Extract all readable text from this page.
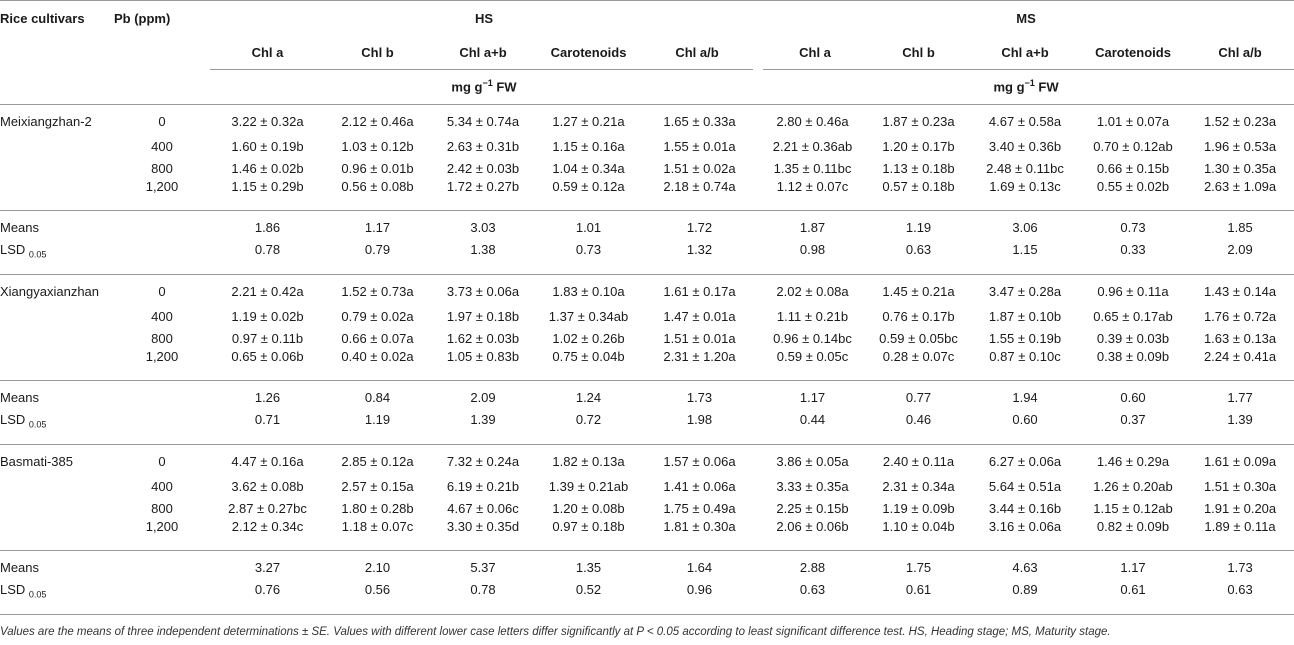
Rice cultivars	Pb (ppm)	HS					MS				
		Chl a	Chl b	Chl a+b	Carotenoids	Chl a/b	Chl a	Chl b	Chl a+b	Carotenoids	Chl a/b
		mg $g^{-1}$ FW					mg $g^{-1}$ FW				
Meixiangzhan-2	0	3.22 ± 0.32a	2.12 ± 0.46a	5.34 ± 0.74a	1.27 ± 0.21a	1.65 ± 0.33a	2.80 ± 0.46a	1.87 ± 0.23a	4.67 ± 0.58a	1.01 ± 0.07a	1.52 ± 0.23a
	400	1.60 ± 0.19b	1.03 ± 0.12b	2.63 ± 0.31b	1.15 ± 0.16a	1.55 ± 0.01a	2.21 ± 0.36ab	1.20 ± 0.17b	3.40 ± 0.36b	0.70 ± 0.12ab	1.96 ± 0.53a
	800	1.46 ± 0.02b	0.96 ± 0.01b	2.42 ± 0.03b	1.04 ± 0.34a	1.51 ± 0.02a	1.35 ± 0.11bc	1.13 ± 0.18b	2.48 ± 0.11bc	0.66 ± 0.15b	1.30 ± 0.35a
	1,200	1.15 ± 0.29b	0.56 ± 0.08b	1.72 ± 0.27b	0.59 ± 0.12a	2.18 ± 0.74a	1.12 ± 0.07c	0.57 ± 0.18b	1.69 ± 0.13c	0.55 ± 0.02b	2.63 ± 1.09a
Means		1.86	1.17	3.03	1.01	1.72	1.87	1.19	3.06	0.73	1.85
LSD $_{0.05}$		0.78	0.79	1.38	0.73	1.32	0.98	0.63	1.15	0.33	2.09
Xiangyaxianzhan	0	2.21 ± 0.42a	1.52 ± 0.73a	3.73 ± 0.06a	1.83 ± 0.10a	1.61 ± 0.17a	2.02 ± 0.08a	1.45 ± 0.21a	3.47 ± 0.28a	0.96 ± 0.11a	1.43 ± 0.14a
	400	1.19 ± 0.02b	0.79 ± 0.02a	1.97 ± 0.18b	1.37 ± 0.34ab	1.47 ± 0.01a	1.11 ± 0.21b	0.76 ± 0.17b	1.87 ± 0.10b	0.65 ± 0.17ab	1.76 ± 0.72a
	800	0.97 ± 0.11b	0.66 ± 0.07a	1.62 ± 0.03b	1.02 ± 0.26b	1.51 ± 0.01a	0.96 ± 0.14bc	0.59 ± 0.05bc	1.55 ± 0.19b	0.39 ± 0.03b	1.63 ± 0.13a
	1,200	0.65 ± 0.06b	0.40 ± 0.02a	1.05 ± 0.83b	0.75 ± 0.04b	2.31 ± 1.20a	0.59 ± 0.05c	0.28 ± 0.07c	0.87 ± 0.10c	0.38 ± 0.09b	2.24 ± 0.41a
Means		1.26	0.84	2.09	1.24	1.73	1.17	0.77	1.94	0.60	1.77
LSD $_{0.05}$		0.71	1.19	1.39	0.72	1.98	0.44	0.46	0.60	0.37	1.39
Basmati-385	0	4.47 ± 0.16a	2.85 ± 0.12a	7.32 ± 0.24a	1.82 ± 0.13a	1.57 ± 0.06a	3.86 ± 0.05a	2.40 ± 0.11a	6.27 ± 0.06a	1.46 ± 0.29a	1.61 ± 0.09a
	400	3.62 ± 0.08b	2.57 ± 0.15a	6.19 ± 0.21b	1.39 ± 0.21ab	1.41 ± 0.06a	3.33 ± 0.35a	2.31 ± 0.34a	5.64 ± 0.51a	1.26 ± 0.20ab	1.51 ± 0.30a
	800	2.87 ± 0.27bc	1.80 ± 0.28b	4.67 ± 0.06c	1.20 ± 0.08b	1.75 ± 0.49a	2.25 ± 0.15b	1.19 ± 0.09b	3.44 ± 0.16b	1.15 ± 0.12ab	1.91 ± 0.20a
	1,200	2.12 ± 0.34c	1.18 ± 0.07c	3.30 ± 0.35d	0.97 ± 0.18b	1.81 ± 0.30a	2.06 ± 0.06b	1.10 ± 0.04b	3.16 ± 0.06a	0.82 ± 0.09b	1.89 ± 0.11a
Means		3.27	2.10	5.37	1.35	1.64	2.88	1.75	4.63	1.17	1.73
LSD $_{0.05}$		0.76	0.56	0.78	0.52	0.96	0.63	0.61	0.89	0.61	0.63
Values are the means of three independent determinations ± SE. Values with different lower case letters differ significantly at P < 0.05 according to least significant difference test. HS, Heading stage; MS, Maturity stage.
